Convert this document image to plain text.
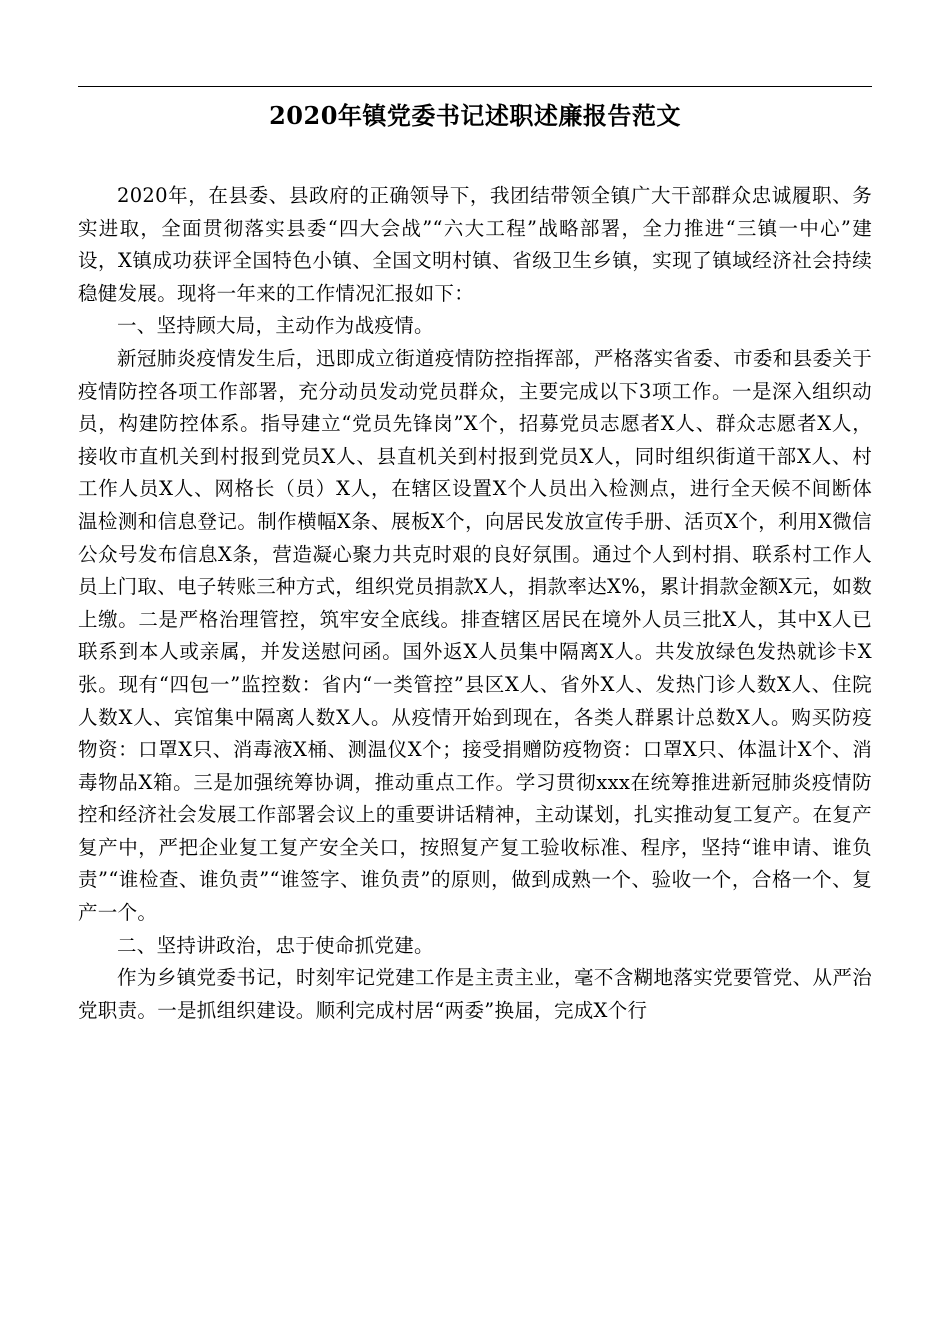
2020年镇党委书记述职述廉报告范文

2020年，在县委、县政府的正确领导下，我团结带领全镇广大干部群众忠诚履职、务实进取，全面贯彻落实县委“四大会战”“六大工程”战略部署，全力推进“三镇一中心”建设，X镇成功获评全国特色小镇、全国文明村镇、省级卫生乡镇，实现了镇域经济社会持续稳健发展。现将一年来的工作情况汇报如下：

一、坚持顾大局，主动作为战疫情。

新冠肺炎疫情发生后，迅即成立街道疫情防控指挥部，严格落实省委、市委和县委关于疫情防控各项工作部署，充分动员发动党员群众，主要完成以下3项工作。一是深入组织动员，构建防控体系。指导建立“党员先锋岗”X个，招募党员志愿者X人、群众志愿者X人，接收市直机关到村报到党员X人、县直机关到村报到党员X人，同时组织街道干部X人、村工作人员X人、网格长（员）X人，在辖区设置X个人员出入检测点，进行全天候不间断体温检测和信息登记。制作横幅X条、展板X个，向居民发放宣传手册、活页X个，利用X微信公众号发布信息X条，营造凝心聚力共克时艰的良好氛围。通过个人到村捐、联系村工作人员上门取、电子转账三种方式，组织党员捐款X人，捐款率达X%，累计捐款金额X元，如数上缴。二是严格治理管控，筑牢安全底线。排查辖区居民在境外人员三批X人，其中X人已联系到本人或亲属，并发送慰问函。国外返X人员集中隔离X人。共发放绿色发热就诊卡X张。现有“四包一”监控数：省内“一类管控”县区X人、省外X人、发热门诊人数X人、住院人数X人、宾馆集中隔离人数X人。从疫情开始到现在，各类人群累计总数X人。购买防疫物资：口罩X只、消毒液X桶、测温仪X个；接受捐赠防疫物资：口罩X只、体温计X个、消毒物品X箱。三是加强统筹协调，推动重点工作。学习贯彻xxx在统筹推进新冠肺炎疫情防控和经济社会发展工作部署会议上的重要讲话精神，主动谋划，扎实推动复工复产。在复产复产中，严把企业复工复产安全关口，按照复产复工验收标准、程序，坚持“谁申请、谁负责”“谁检查、谁负责”“谁签字、谁负责”的原则，做到成熟一个、验收一个，合格一个、复产一个。

二、坚持讲政治，忠于使命抓党建。

作为乡镇党委书记，时刻牢记党建工作是主责主业，毫不含糊地落实党要管党、从严治党职责。一是抓组织建设。顺利完成村居“两委”换届，完成X个行
